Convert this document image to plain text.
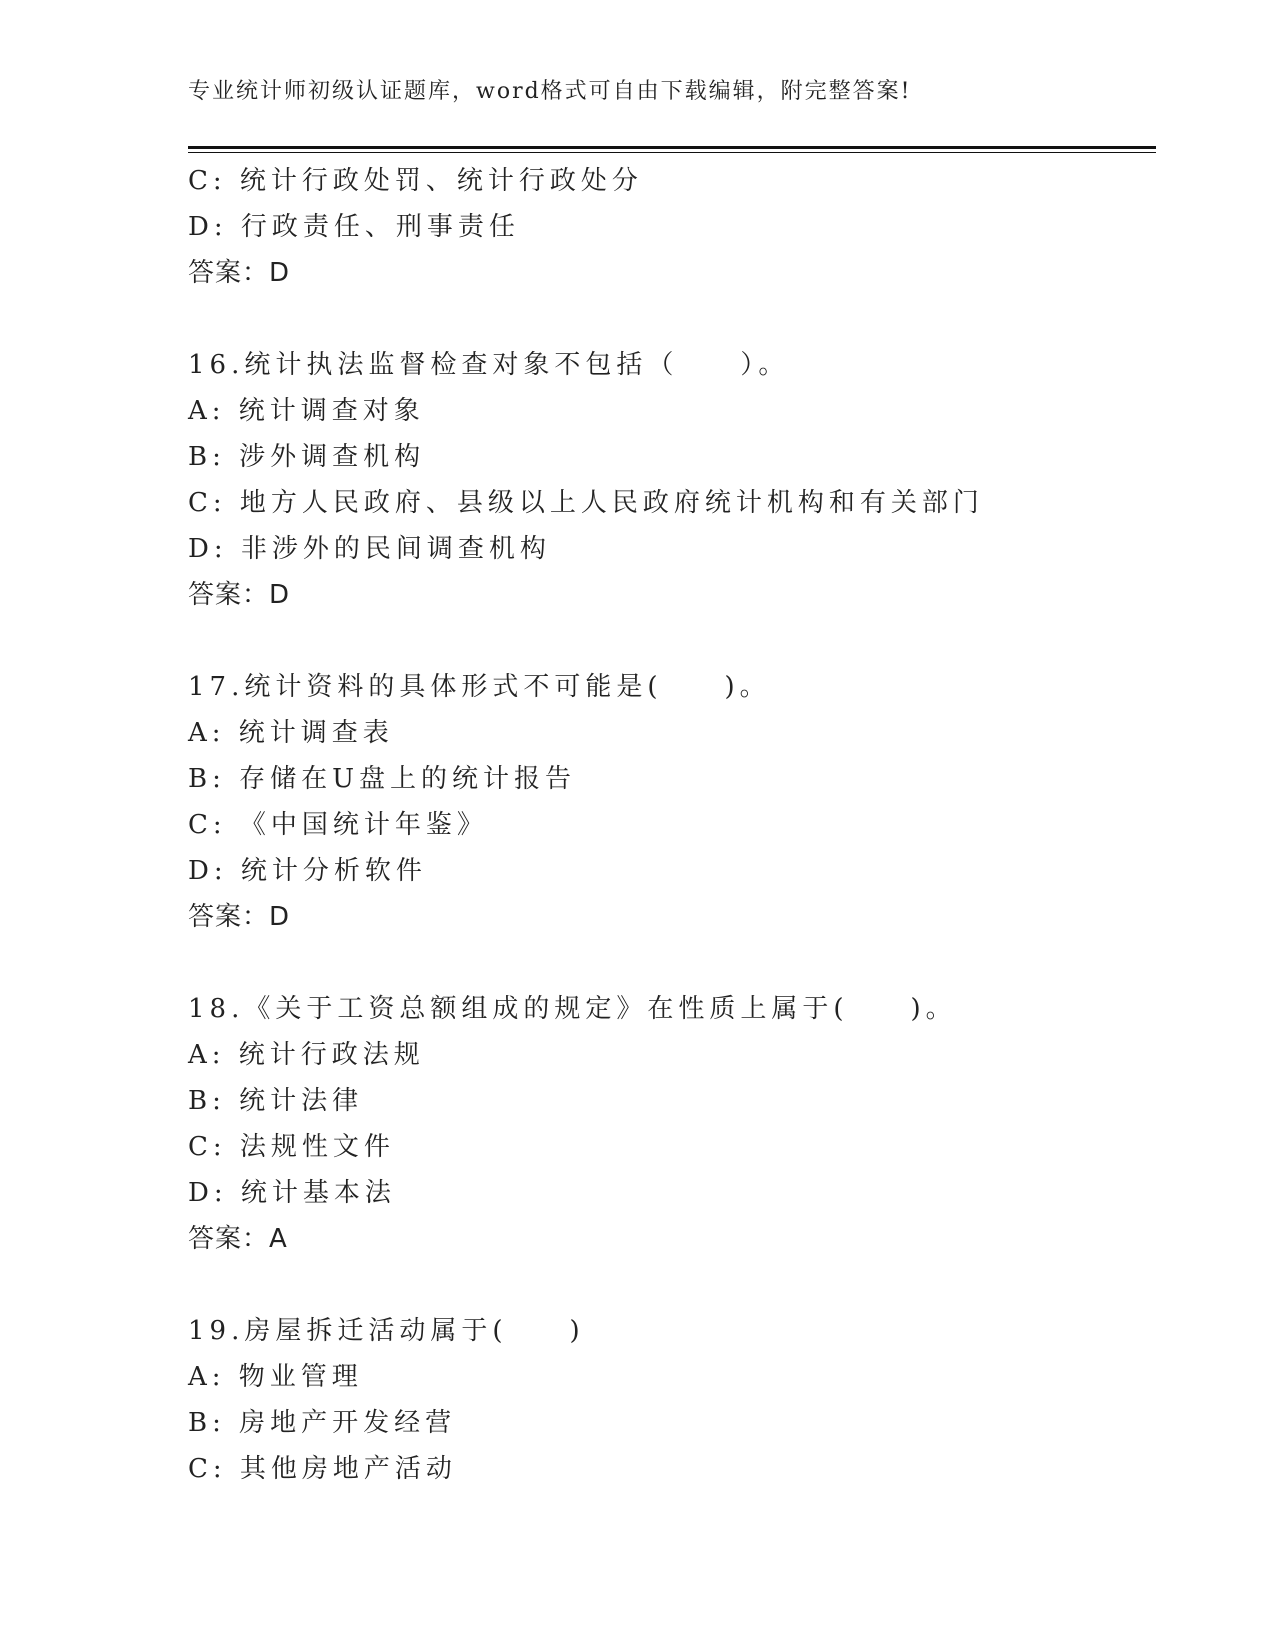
专业统计师初级认证题库，word格式可自由下载编辑，附完整答案!
C: 统计行政处罚、统计行政处分
D: 行政责任、刑事责任
答案：D
16.统计执法监督检查对象不包括（　　）。
A: 统计调查对象
B: 涉外调查机构
C: 地方人民政府、县级以上人民政府统计机构和有关部门
D: 非涉外的民间调查机构
答案：D
17.统计资料的具体形式不可能是(　　)。
A: 统计调查表
B: 存储在U盘上的统计报告
C: 《中国统计年鉴》
D: 统计分析软件
答案：D
18.《关于工资总额组成的规定》在性质上属于(　　)。
A: 统计行政法规
B: 统计法律
C: 法规性文件
D: 统计基本法
答案：A
19.房屋拆迁活动属于(　　)
A: 物业管理
B: 房地产开发经营
C: 其他房地产活动
